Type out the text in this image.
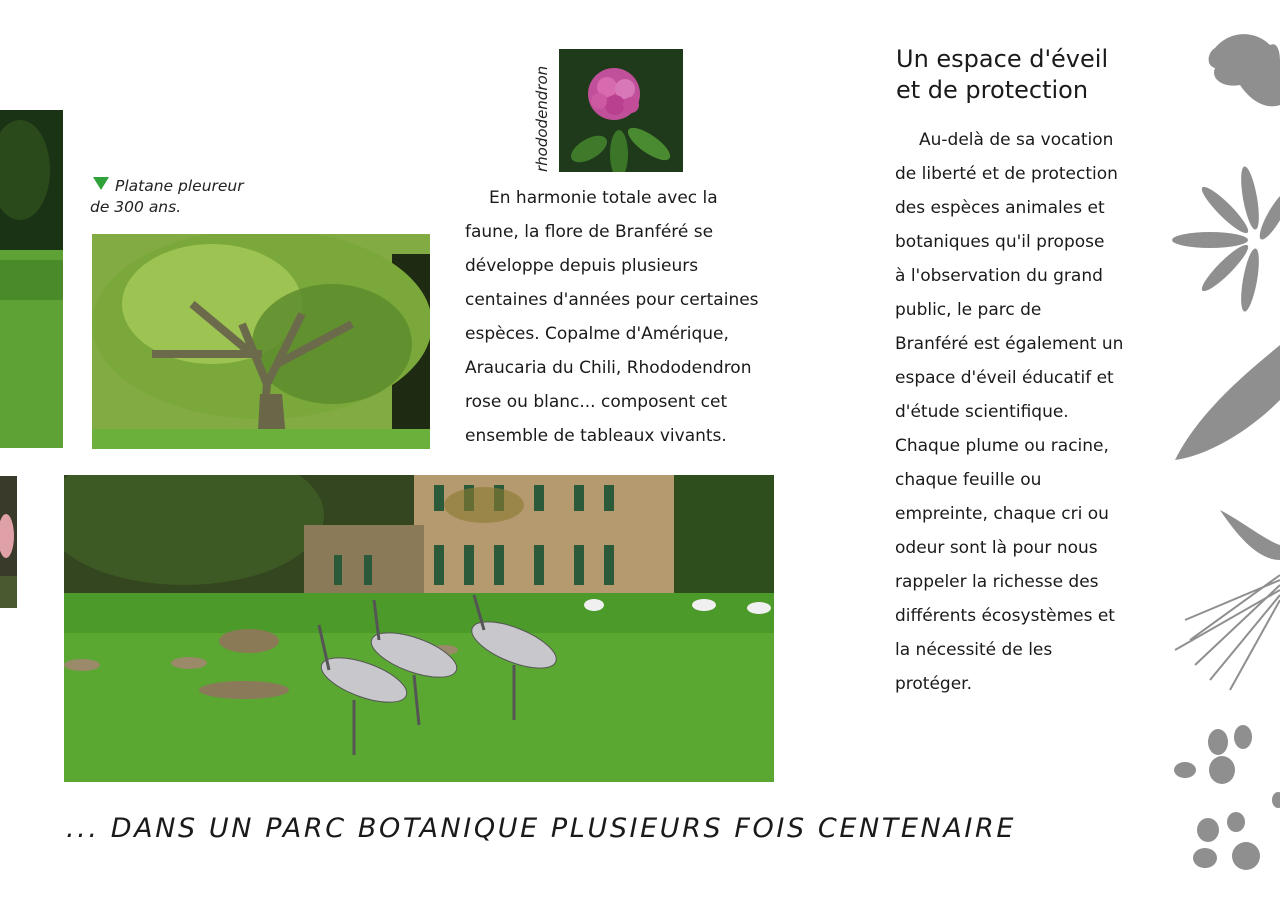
Platane pleureur
de 300 ans.
rhododendron

En harmonie totale avec la

faune, la flore de Branféré se

développe depuis plusieurs

centaines d'années pour certaines

espèces. Copalme d'Amérique,

Araucaria du Chili, Rhododendron

rose ou blanc... composent cet

ensemble de tableaux vivants.

Un espace d'éveil
et de protection

Au-delà de sa vocation

de liberté et de protection

des espèces animales et

botaniques qu'il propose

à l'observation du grand

public, le parc de

Branféré est également un

espace d'éveil éducatif et

d'étude scientifique.

Chaque plume ou racine,

chaque feuille ou

empreinte, chaque cri ou

odeur sont là pour nous

rappeler la richesse des

différents écosystèmes et

la nécessité de les

protéger.

... DANS UN PARC BOTANIQUE PLUSIEURS FOIS CENTENAIRE
